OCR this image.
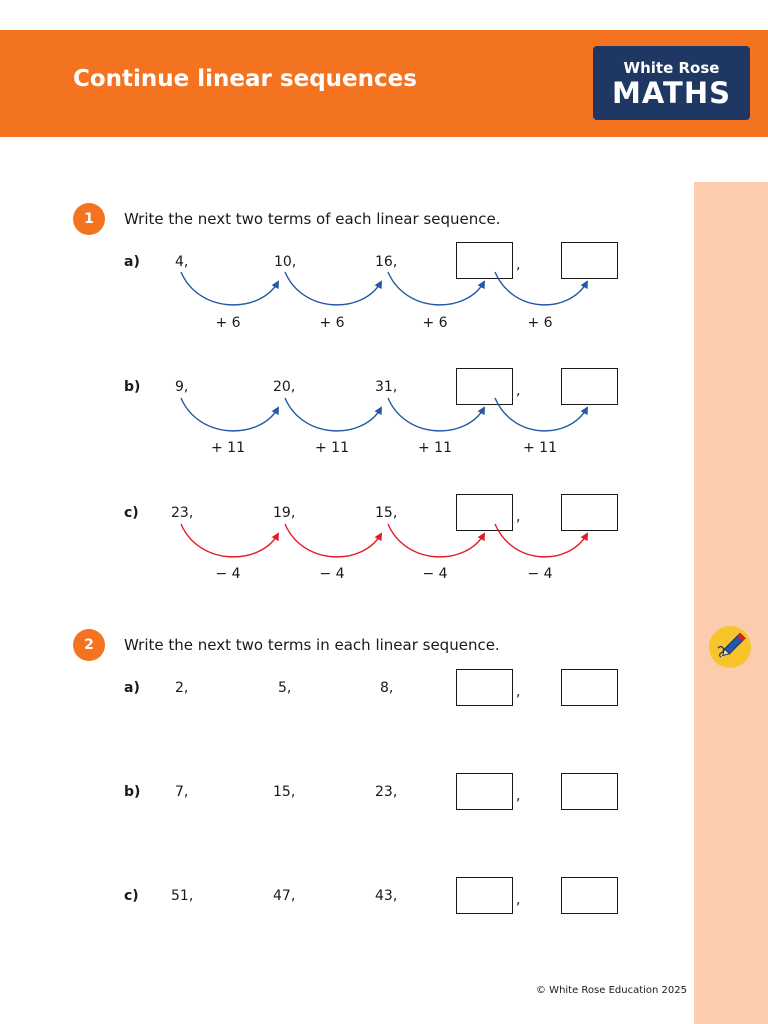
Continue linear sequences	White Rose
MATHS
1	Write the next two terms of each linear sequence.
a)	4,	10,	16,	,
+ 6	+ 6	+ 6	+ 6
b) 9,	20,	31,	,
+ 11	+ 11	+ 11	+ 11
c) 23,	19,	15,	,
− 4	− 4	− 4	− 4
2	Write the next two terms in each linear sequence.
a)	2,	5,	8,	,
b) 7,	15,	23,	,
c) 51,	47,	43,	,
© White Rose Education 2025
